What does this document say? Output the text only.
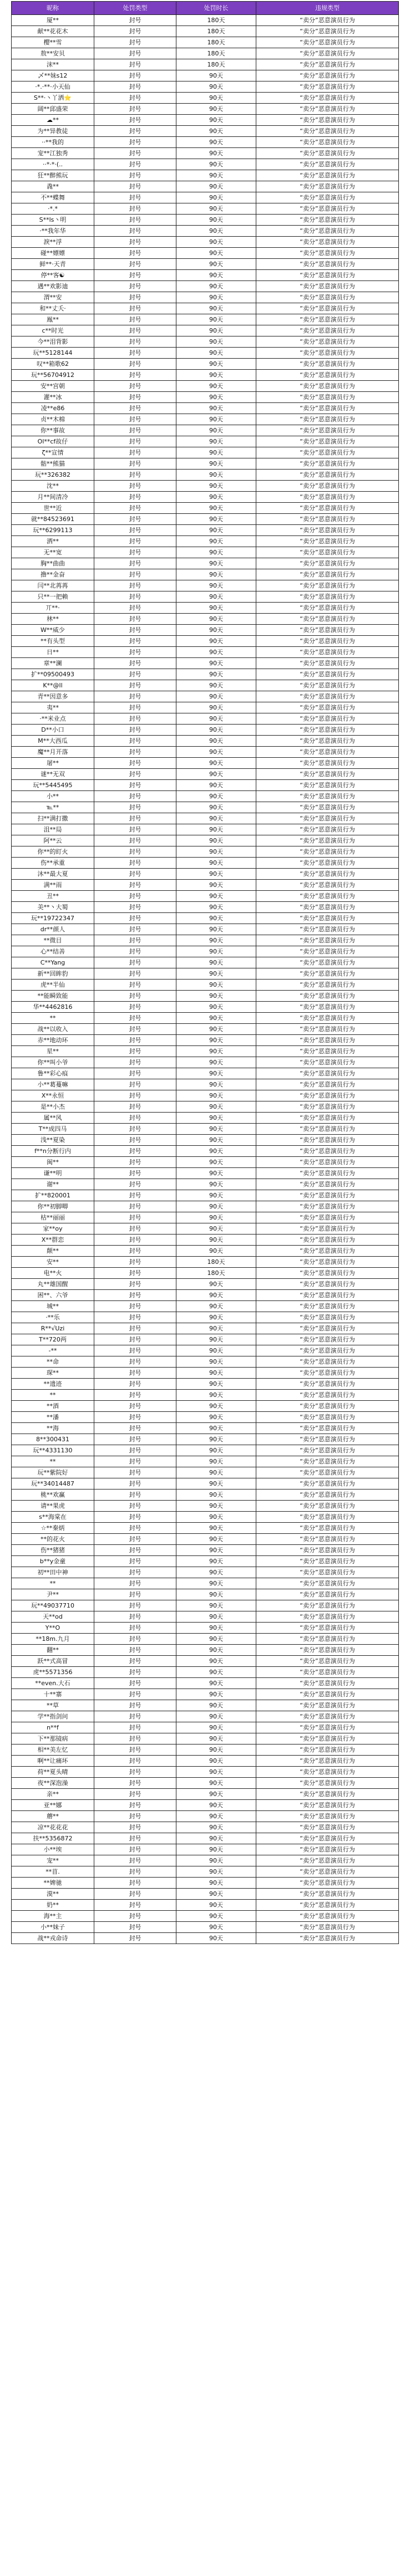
昵称	处罚类型	处罚时长	违规类型
厦**	封号	180天	“卖分”恶意演员行为
献**花花木	封号	180天	“卖分”恶意演员行为
樱**雪	封号	180天	“卖分”恶意演员行为
敖**安贝	封号	180天	“卖分”恶意演员行为
沫**	封号	180天	“卖分”恶意演员行为
乄**妹s12	封号	90天	“卖分”恶意演员行为
·*.·**·小天仙	封号	90天	“卖分”恶意演员行为
S**·丶丫洒⭐	封号	90天	“卖分”恶意演员行为
阔**邱盛荣	封号	90天	“卖分”恶意演员行为
☁**	封号	90天	“卖分”恶意演员行为
为**异教徒	封号	90天	“卖分”恶意演员行为
··**我的	封号	90天	“卖分”恶意演员行为
宠**江独秀	封号	90天	“卖分”恶意演员行为
··*·*·(..	封号	90天	“卖分”恶意演员行为
狂**醉熊玩	封号	90天	“卖分”恶意演员行为
毳**	封号	90天	“卖分”恶意演员行为
不**蝶舞	封号	90天	“卖分”恶意演员行为
·*.*	封号	90天	“卖分”恶意演员行为
S**ls丶明	封号	90天	“卖分”恶意演员行为
·**我年华	封号	90天	“卖分”恶意演员行为
淚**浮	封号	90天	“卖分”恶意演员行为
碰**嫖嫖	封号	90天	“卖分”恶意演员行为
鲜**·天青	封号	90天	“卖分”恶意演员行为
停**客☯	封号	90天	“卖分”恶意演员行为
遇**欢影迪	封号	90天	“卖分”恶意演员行为
渭**安	封号	90天	“卖分”恶意演员行为
和**丈夭·	封号	90天	“卖分”恶意演员行为
鳯**	封号	90天	“卖分”恶意演员行为
c**时光	封号	90天	“卖分”恶意演员行为
今**泪背影	封号	90天	“卖分”恶意演员行为
玩**5128144	封号	90天	“卖分”恶意演员行为
叹**箱歌62	封号	90天	“卖分”恶意演员行为
玩**56704912	封号	90天	“卖分”恶意演员行为
安**宫朝	封号	90天	“卖分”恶意演员行为
灌**冰	封号	90天	“卖分”恶意演员行为
凌**e86	封号	90天	“卖分”恶意演员行为
贞**木棉	封号	90天	“卖分”恶意演员行为
你**事故	封号	90天	“卖分”恶意演员行为
Ol**cf故仔	封号	90天	“卖分”恶意演员行为
ζ**宣情	封号	90天	“卖分”恶意演员行为
骷**熊猫	封号	90天	“卖分”恶意演员行为
玩**326382	封号	90天	“卖分”恶意演员行为
沈**	封号	90天	“卖分”恶意演员行为
月**间清冷	封号	90天	“卖分”恶意演员行为
世**近	封号	90天	“卖分”恶意演员行为
就**84523691	封号	90天	“卖分”恶意演员行为
玩**6299113	封号	90天	“卖分”恶意演员行为
洒**	封号	90天	“卖分”恶意演员行为
无**宽	封号	90天	“卖分”恶意演员行为
胸**曲曲	封号	90天	“卖分”恶意演员行为
撸**金奋	封号	90天	“卖分”恶意演员行为
闫**北苒苒	封号	90天	“卖分”恶意演员行为
只**一把赖	封号	90天	“卖分”恶意演员行为
丌**·	封号	90天	“卖分”恶意演员行为
林**	封号	90天	“卖分”恶意演员行为
W**威少	封号	90天	“卖分”恶意演员行为
**有头型	封号	90天	“卖分”恶意演员行为
日**	封号	90天	“卖分”恶意演员行为
章**澜	封号	90天	“卖分”恶意演员行为
扩**09500493	封号	90天	“卖分”恶意演员行为
K**@ll	封号	90天	“卖分”恶意演员行为
青**因意多	封号	90天	“卖分”恶意演员行为
夷**	封号	90天	“卖分”恶意演员行为
·**米业点	封号	90天	“卖分”恶意演员行为
D**小口	封号	90天	“卖分”恶意演员行为
M**大西瓜	封号	90天	“卖分”恶意演员行为
魔**月开落	封号	90天	“卖分”恶意演员行为
屠**	封号	90天	“卖分”恶意演员行为
谜**无双	封号	90天	“卖分”恶意演员行为
玩**5445495	封号	90天	“卖分”恶意演员行为
小**	封号	90天	“卖分”恶意演员行为
℡**	封号	90天	“卖分”恶意演员行为
扫**满打撒	封号	90天	“卖分”恶意演员行为
沮**局	封号	90天	“卖分”恶意演员行为
阿**云	封号	90天	“卖分”恶意演员行为
你**的盯火	封号	90天	“卖分”恶意演员行为
伤**承重	封号	90天	“卖分”恶意演员行为
沐**最大夏	封号	90天	“卖分”恶意演员行为
满**雨	封号	90天	“卖分”恶意演员行为
丑**	封号	90天	“卖分”恶意演员行为
美**丶大蜀	封号	90天	“卖分”恶意演员行为
玩**19722347	封号	90天	“卖分”恶意演员行为
dr**颜人	封号	90天	“卖分”恶意演员行为
**微目	封号	90天	“卖分”恶意演员行为
心**结善	封号	90天	“卖分”恶意演员行为
C**Yang	封号	90天	“卖分”恶意演员行为
新**回眸豹	封号	90天	“卖分”恶意演员行为
虎**半仙	封号	90天	“卖分”恶意演员行为
**能瞬致能	封号	90天	“卖分”恶意演员行为
华**4462816	封号	90天	“卖分”恶意演员行为
**	封号	90天	“卖分”恶意演员行为
战**以收入	封号	90天	“卖分”恶意演员行为
赤**地动环	封号	90天	“卖分”恶意演员行为
星**	封号	90天	“卖分”恶意演员行为
你**叫小爷	封号	90天	“卖分”恶意演员行为
鲁**彩心痕	封号	90天	“卖分”恶意演员行为
小**葛蔓嘛	封号	90天	“卖分”恶意演员行为
X**永恒	封号	90天	“卖分”恶意演员行为
是**小杰	封号	90天	“卖分”恶意演员行为
属**风	封号	90天	“卖分”恶意演员行为
T**成四马	封号	90天	“卖分”恶意演员行为
浅**夏染	封号	90天	“卖分”恶意演员行为
f**n分断行内	封号	90天	“卖分”恶意演员行为
闽**	封号	90天	“卖分”恶意演员行为
谦**明	封号	90天	“卖分”恶意演员行为
谢**	封号	90天	“卖分”恶意演员行为
扩**820001	封号	90天	“卖分”恶意演员行为
你**初脚唧	封号	90天	“卖分”恶意演员行为
枯**丽丽	封号	90天	“卖分”恶意演员行为
家**oy	封号	90天	“卖分”恶意演员行为
X**群恋	封号	90天	“卖分”恶意演员行为
颠**	封号	90天	“卖分”恶意演员行为
安**	封号	180天	“卖分”恶意演员行为
电**火	封号	180天	“卖分”恶意演员行为
丸**雄国醒	封号	90天	“卖分”恶意演员行为
困**、六爷	封号	90天	“卖分”恶意演员行为
城**	封号	90天	“卖分”恶意演员行为
·**乐	封号	90天	“卖分”恶意演员行为
R**√Uzi	封号	90天	“卖分”恶意演员行为
T**720两	封号	90天	“卖分”恶意演员行为
-**	封号	90天	“卖分”恶意演员行为
**命	封号	90天	“卖分”恶意演员行为
琛**	封号	90天	“卖分”恶意演员行为
**遗迹	封号	90天	“卖分”恶意演员行为
**	封号	90天	“卖分”恶意演员行为
**酒	封号	90天	“卖分”恶意演员行为
**潘	封号	90天	“卖分”恶意演员行为
**海	封号	90天	“卖分”恶意演员行为
8**300431	封号	90天	“卖分”恶意演员行为
玩**4331130	封号	90天	“卖分”恶意演员行为
**	封号	90天	“卖分”恶意演员行为
玩**紫院好	封号	90天	“卖分”恶意演员行为
玩**34014487	封号	90天	“卖分”恶意演员行为
桃**欢赢	封号	90天	“卖分”恶意演员行为
请**果虎	封号	90天	“卖分”恶意演员行为
s**海棠在	封号	90天	“卖分”恶意演员行为
☆**秦炳	封号	90天	“卖分”恶意演员行为
**的花火	封号	90天	“卖分”恶意演员行为
伤**猪猪	封号	90天	“卖分”恶意演员行为
b**y金童	封号	90天	“卖分”恶意演员行为
初**田中神	封号	90天	“卖分”恶意演员行为
**	封号	90天	“卖分”恶意演员行为
尹**	封号	90天	“卖分”恶意演员行为
玩**49037710	封号	90天	“卖分”恶意演员行为
天**od	封号	90天	“卖分”恶意演员行为
Y**O	封号	90天	“卖分”恶意演员行为
**18m.九月	封号	90天	“卖分”恶意演员行为
翻**	封号	90天	“卖分”恶意演员行为
跃**式高冒	封号	90天	“卖分”恶意演员行为
虎**5571356	封号	90天	“卖分”恶意演员行为
**even.大石	封号	90天	“卖分”恶意演员行为
十**寨	封号	90天	“卖分”恶意演员行为
**草	封号	90天	“卖分”恶意演员行为
学**指剑问	封号	90天	“卖分”恶意演员行为
n**f	封号	90天	“卖分”恶意演员行为
下**那镜病	封号	90天	“卖分”恶意演员行为
相**美左忆	封号	90天	“卖分”恶意演员行为
啊**让痛坏	封号	90天	“卖分”恶意演员行为
荷**夏头晴	封号	90天	“卖分”恶意演员行为
夜**深泡澡	封号	90天	“卖分”恶意演员行为
亲**	封号	90天	“卖分”恶意演员行为
亚**娜	封号	90天	“卖分”恶意演员行为
蘑**	封号	90天	“卖分”恶意演员行为
凉**花花花	封号	90天	“卖分”恶意演员行为
扶**5356872	封号	90天	“卖分”恶意演员行为
小**埃	封号	90天	“卖分”恶意演员行为
宠**	封号	90天	“卖分”恶意演员行为
**苜.	封号	90天	“卖分”恶意演员行为
**婢驰	封号	90天	“卖分”恶意演员行为
漠**	封号	90天	“卖分”恶意演员行为
奶**	封号	90天	“卖分”恶意演员行为
海**主	封号	90天	“卖分”恶意演员行为
小**妹子	封号	90天	“卖分”恶意演员行为
战**戎命诗	封号	90天	“卖分”恶意演员行为
